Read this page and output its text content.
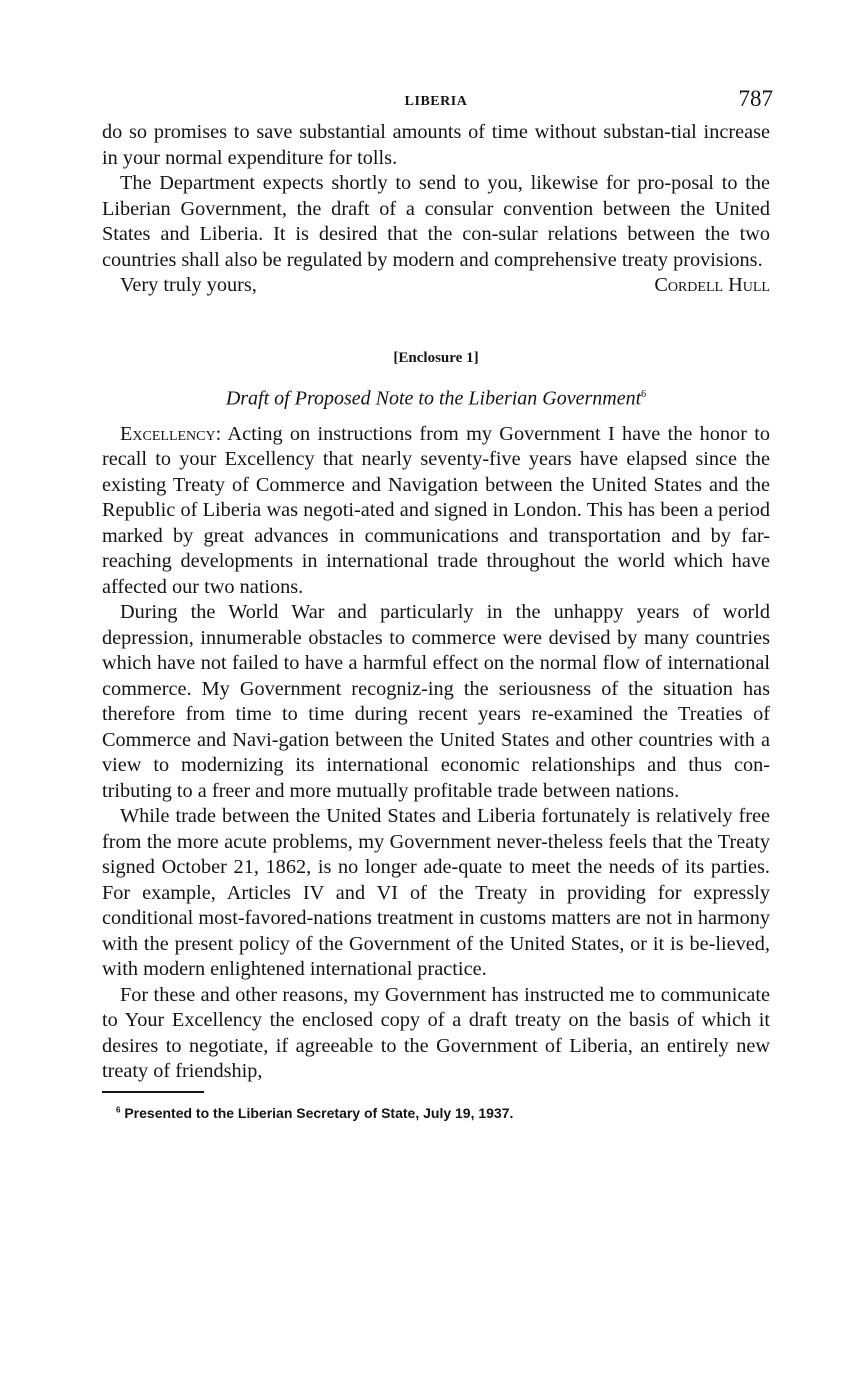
LIBERIA	787

do so promises to save substantial amounts of time without substan-tial increase in your normal expenditure for tolls.

The Department expects shortly to send to you, likewise for pro-posal to the Liberian Government, the draft of a consular convention between the United States and Liberia. It is desired that the con-sular relations between the two countries shall also be regulated by modern and comprehensive treaty provisions.

Very truly yours,	Cordell Hull
[Enclosure 1]
Draft of Proposed Note to the Liberian Government$^6$

Excellency: Acting on instructions from my Government I have the honor to recall to your Excellency that nearly seventy-five years have elapsed since the existing Treaty of Commerce and Navigation between the United States and the Republic of Liberia was negoti-ated and signed in London. This has been a period marked by great advances in communications and transportation and by far-reaching developments in international trade throughout the world which have affected our two nations.

During the World War and particularly in the unhappy years of world depression, innumerable obstacles to commerce were devised by many countries which have not failed to have a harmful effect on the normal flow of international commerce. My Government recogniz-ing the seriousness of the situation has therefore from time to time during recent years re-examined the Treaties of Commerce and Navi-gation between the United States and other countries with a view to modernizing its international economic relationships and thus con-tributing to a freer and more mutually profitable trade between nations.

While trade between the United States and Liberia fortunately is relatively free from the more acute problems, my Government never-theless feels that the Treaty signed October 21, 1862, is no longer ade-quate to meet the needs of its parties. For example, Articles IV and VI of the Treaty in providing for expressly conditional most-favored-nations treatment in customs matters are not in harmony with the present policy of the Government of the United States, or it is be-lieved, with modern enlightened international practice.

For these and other reasons, my Government has instructed me to communicate to Your Excellency the enclosed copy of a draft treaty on the basis of which it desires to negotiate, if agreeable to the Government of Liberia, an entirely new treaty of friendship,

$^6$ Presented to the Liberian Secretary of State, July 19, 1937.
